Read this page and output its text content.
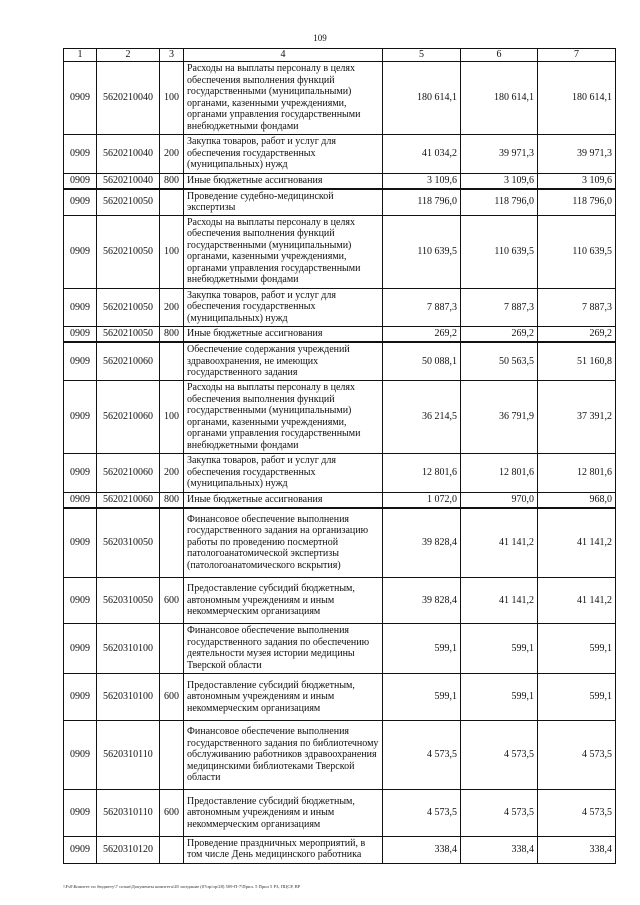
109
1	2	3	4	5	6	7
0909	5620210040	100	Расходы на выплаты персоналу в целях обеспечения выполнения функций государственными (муниципальными) органами, казенными учреждениями, органами управления государственными внебюджетными фондами	180 614,1	180 614,1	180 614,1
0909	5620210040	200	Закупка товаров, работ и услуг для обеспечения государственных (муниципальных) нужд	41 034,2	39 971,3	39 971,3
0909	5620210040	800	Иные бюджетные ассигнования	3 109,6	3 109,6	3 109,6
0909	5620210050		Проведение судебно-медицинской экспертизы	118 796,0	118 796,0	118 796,0
0909	5620210050	100	Расходы на выплаты персоналу в целях обеспечения выполнения функций государственными (муниципальными) органами, казенными учреждениями, органами управления государственными внебюджетными фондами	110 639,5	110 639,5	110 639,5
0909	5620210050	200	Закупка товаров, работ и услуг для обеспечения государственных (муниципальных) нужд	7 887,3	7 887,3	7 887,3
0909	5620210050	800	Иные бюджетные ассигнования	269,2	269,2	269,2
0909	5620210060		Обеспечение содержания учреждений здравоохранения, не имеющих государственного задания	50 088,1	50 563,5	51 160,8
0909	5620210060	100	Расходы на выплаты персоналу в целях обеспечения выполнения функций государственными (муниципальными) органами, казенными учреждениями, органами управления государственными внебюджетными фондами	36 214,5	36 791,9	37 391,2
0909	5620210060	200	Закупка товаров, работ и услуг для обеспечения государственных (муниципальных) нужд	12 801,6	12 801,6	12 801,6
0909	5620210060	800	Иные бюджетные ассигнования	1 072,0	970,0	968,0
0909	5620310050		Финансовое обеспечение выполнения государственного задания на организацию работы по проведению посмертной патологоанатомической экспертизы (патологоанатомического вскрытия)	39 828,4	41 141,2	41 141,2
0909	5620310050	600	Предоставление субсидий бюджетным, автономным учреждениям и иным некоммерческим организациям	39 828,4	41 141,2	41 141,2
0909	5620310100		Финансовое обеспечение выполнения государственного задания по обеспечению деятельности музея истории медицины Тверской области	599,1	599,1	599,1
0909	5620310100	600	Предоставление субсидий бюджетным, автономным учреждениям и иным некоммерческим организациям	599,1	599,1	599,1
0909	5620310110		Финансовое обеспечение выполнения государственного задания по библиотечному обслуживанию работников здравоохранения медицинскими библиотеками Тверской области	4 573,5	4 573,5	4 573,5
0909	5620310110	600	Предоставление субсидий бюджетным, автономным учреждениям и иным некоммерческим организациям	4 573,5	4 573,5	4 573,5
0909	5620310120		Проведение праздничных мероприятий, в том числе День медицинского работника	338,4	338,4	338,4
\\Fs0\Комитет по бюджету\7 созыв\Документы комитета\28 заседание (07пр/ор/28) 509-П-7\Прил. 5 Прил 5 РЗ, ПЦСР, ВР
